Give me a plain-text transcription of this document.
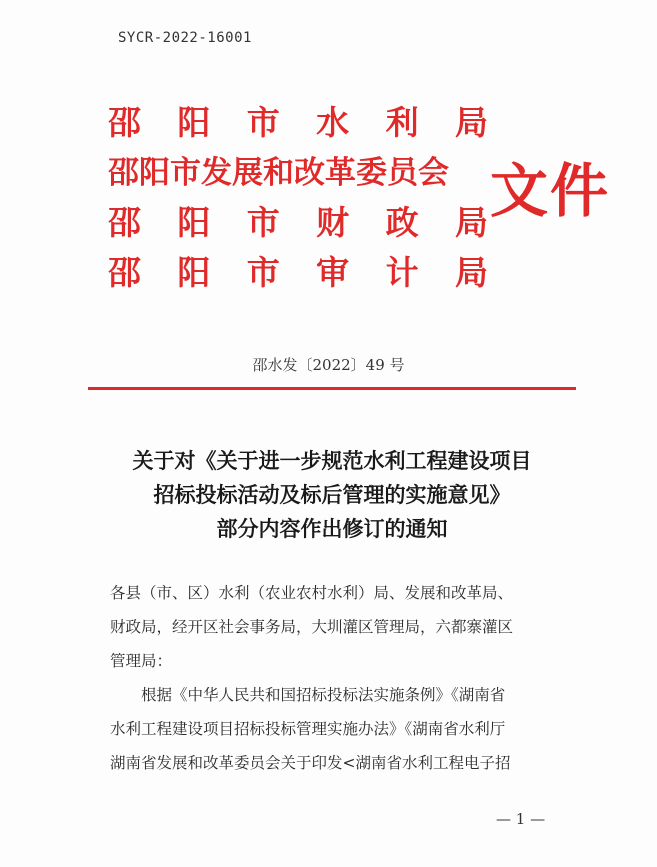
SYCR-2022-16001
邵 阳 市 水 利 局
邵阳市发展和改革委员会
邵 阳 市 财 政 局
邵 阳 市 审 计 局
文件
邵水发〔2022〕49 号
关于对《关于进一步规范水利工程建设项目
招标投标活动及标后管理的实施意见》
部分内容作出修订的通知
各县（市、区）水利（农业农村水利）局、发展和改革局、
财政局，经开区社会事务局，大圳灌区管理局，六都寨灌区
管理局：
根据《中华人民共和国招标投标法实施条例》《湖南省
水利工程建设项目招标投标管理实施办法》《湖南省水利厅
湖南省发展和改革委员会关于印发<湖南省水利工程电子招
— 1 —
